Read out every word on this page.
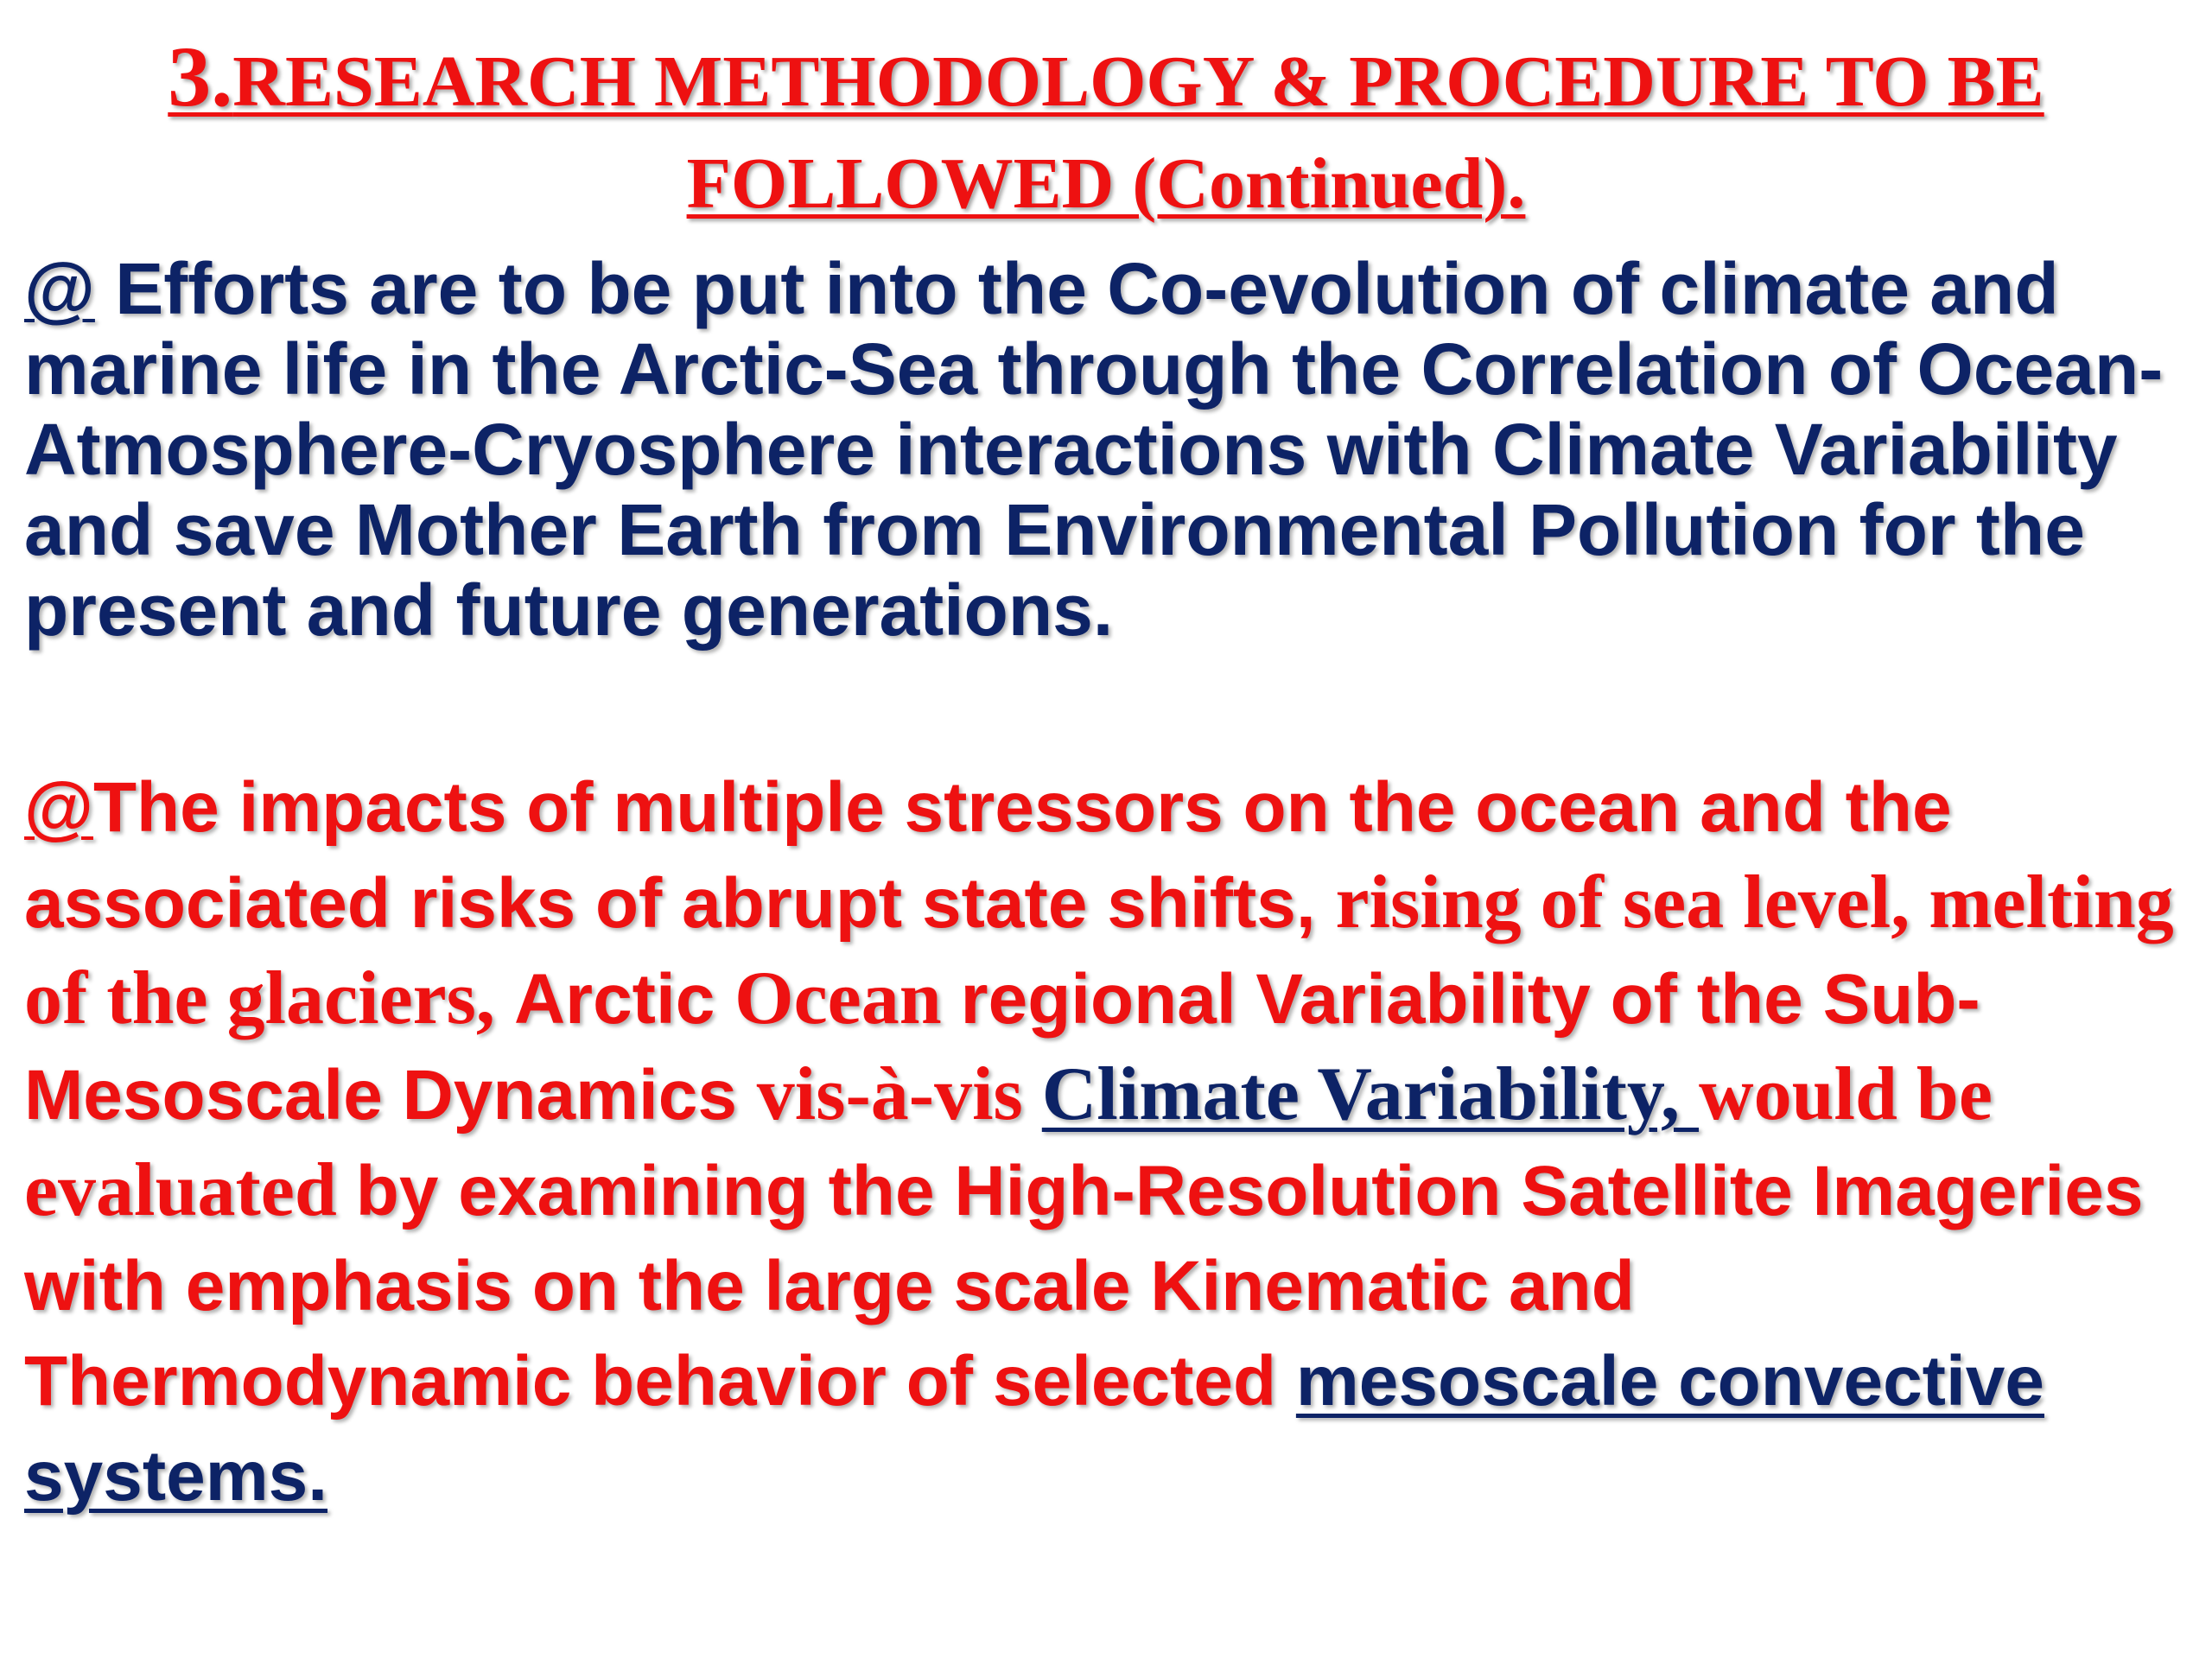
3.RESEARCH METHODOLOGY & PROCEDURE TO BE
FOLLOWED (Continued).
@ Efforts are to be put into the Co-evolution of climate and marine life in the Arctic-Sea through the Correlation of Ocean-Atmosphere-Cryosphere interactions with Climate Variability and save Mother Earth from Environmental Pollution for the present and future generations.
@The impacts of multiple stressors on the ocean and the associated risks of abrupt state shifts, rising of sea level, melting of the glaciers, Arctic Ocean regional Variability of the Sub-Mesoscale Dynamics vis-à-vis Climate Variability, would be evaluated by examining the High-Resolution Satellite Imageries with emphasis on the large scale Kinematic and Thermodynamic behavior of selected mesoscale convective systems.
